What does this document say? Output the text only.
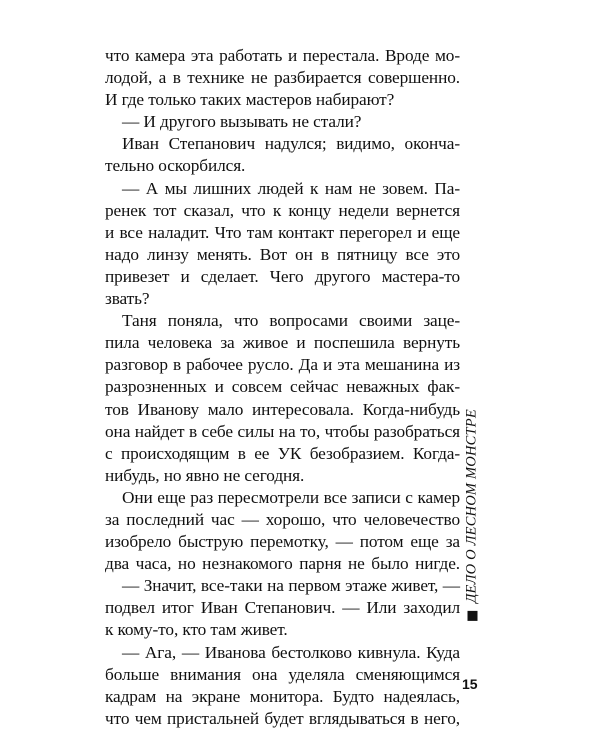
что камера эта работать и перестала. Вроде мо-
лодой, а в технике не разбирается совершенно.
И где только таких мастеров набирают?
— И другого вызывать не стали?
Иван Степанович надулся; видимо, оконча-
тельно оскорбился.
— А мы лишних людей к нам не зовем. Па-
ренек тот сказал, что к концу недели вернется
и все наладит. Что там контакт перегорел и еще
надо линзу менять. Вот он в пятницу все это
привезет и сделает. Чего другого мастера-то
звать?
Таня поняла, что вопросами своими заце-
пила человека за живое и поспешила вернуть
разговор в рабочее русло. Да и эта мешанина из
разрозненных и совсем сейчас неважных фак-
тов Иванову мало интересовала. Когда-нибудь
она найдет в себе силы на то, чтобы разобраться
с происходящим в ее УК безобразием. Когда-
нибудь, но явно не сегодня.
Они еще раз пересмотрели все записи с камер
за последний час — хорошо, что человечество
изобрело быструю перемотку, — потом еще за
два часа, но незнакомого парня не было нигде.
— Значит, все-таки на первом этаже живет, —
подвел итог Иван Степанович. — Или заходил
к кому-то, кто там живет.
— Ага, — Иванова бестолково кивнула. Куда
больше внимания она уделяла сменяющимся
кадрам на экране монитора. Будто надеялась,
что чем пристальней будет вглядываться в него,
ДЕЛО О ЛЕСНОМ МОНСТРЕ
15
